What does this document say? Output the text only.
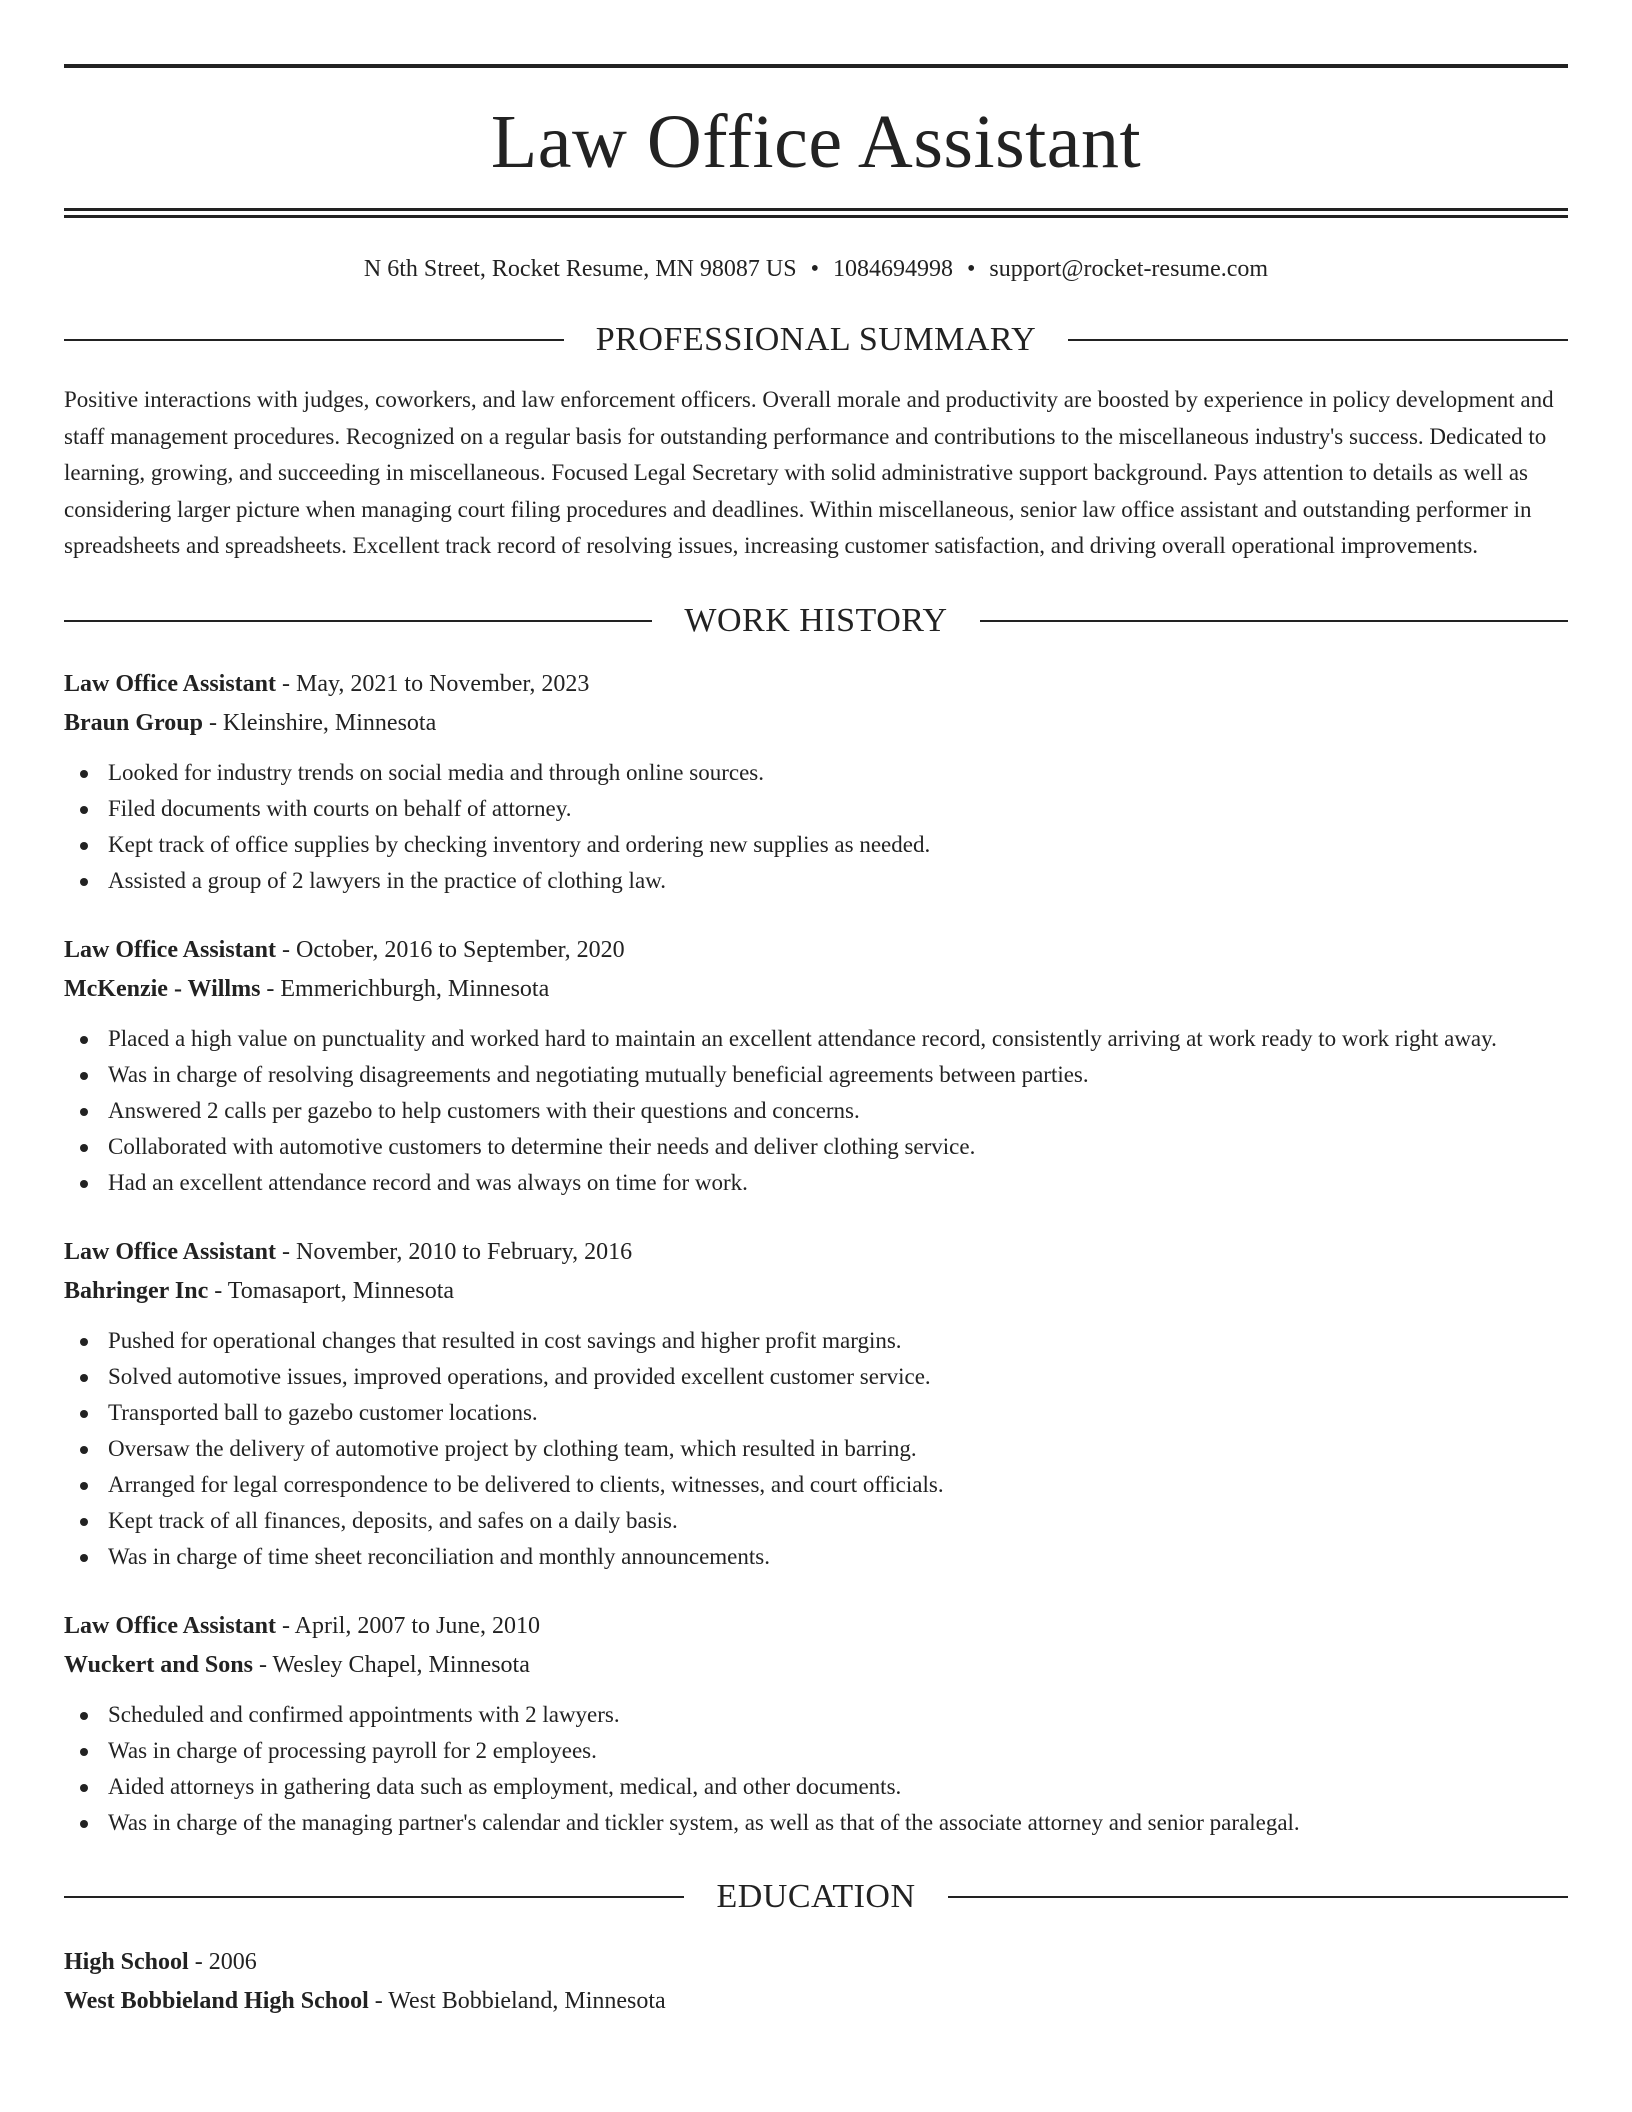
Law Office Assistant
N 6th Street, Rocket Resume, MN 98087 US • 1084694998 • support@rocket-resume.com
PROFESSIONAL SUMMARY

Positive interactions with judges, coworkers, and law enforcement officers. Overall morale and productivity are boosted by experience in policy development and staff management procedures. Recognized on a regular basis for outstanding performance and contributions to the miscellaneous industry's success. Dedicated to learning, growing, and succeeding in miscellaneous. Focused Legal Secretary with solid administrative support background. Pays attention to details as well as considering larger picture when managing court filing procedures and deadlines. Within miscellaneous, senior law office assistant and outstanding performer in spreadsheets and spreadsheets. Excellent track record of resolving issues, increasing customer satisfaction, and driving overall operational improvements.

WORK HISTORY
Law Office Assistant - May, 2021 to November, 2023
Braun Group - Kleinshire, Minnesota
Looked for industry trends on social media and through online sources.
Filed documents with courts on behalf of attorney.
Kept track of office supplies by checking inventory and ordering new supplies as needed.
Assisted a group of 2 lawyers in the practice of clothing law.
Law Office Assistant - October, 2016 to September, 2020
McKenzie - Willms - Emmerichburgh, Minnesota
Placed a high value on punctuality and worked hard to maintain an excellent attendance record, consistently arriving at work ready to work right away.
Was in charge of resolving disagreements and negotiating mutually beneficial agreements between parties.
Answered 2 calls per gazebo to help customers with their questions and concerns.
Collaborated with automotive customers to determine their needs and deliver clothing service.
Had an excellent attendance record and was always on time for work.
Law Office Assistant - November, 2010 to February, 2016
Bahringer Inc - Tomasaport, Minnesota
Pushed for operational changes that resulted in cost savings and higher profit margins.
Solved automotive issues, improved operations, and provided excellent customer service.
Transported ball to gazebo customer locations.
Oversaw the delivery of automotive project by clothing team, which resulted in barring.
Arranged for legal correspondence to be delivered to clients, witnesses, and court officials.
Kept track of all finances, deposits, and safes on a daily basis.
Was in charge of time sheet reconciliation and monthly announcements.
Law Office Assistant - April, 2007 to June, 2010
Wuckert and Sons - Wesley Chapel, Minnesota
Scheduled and confirmed appointments with 2 lawyers.
Was in charge of processing payroll for 2 employees.
Aided attorneys in gathering data such as employment, medical, and other documents.
Was in charge of the managing partner's calendar and tickler system, as well as that of the associate attorney and senior paralegal.
EDUCATION
High School - 2006
West Bobbieland High School - West Bobbieland, Minnesota
